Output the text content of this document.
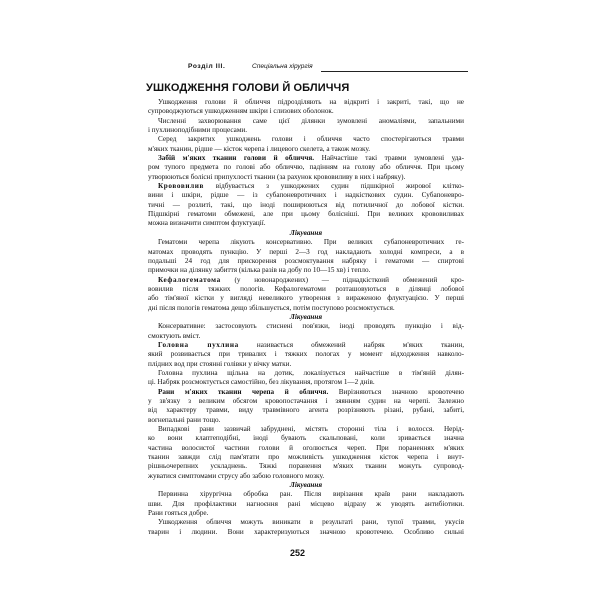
Розділ ІІІ.	Спеціальна хірургія
УШКОДЖЕННЯ ГОЛОВИ Й ОБЛИЧЧЯ
Ушкодження голови й обличчя підрозділяють на відкриті і закриті, такі, що не
супроводжуються ушкодженням шкіри і слизових оболонок.
Численні захворювання саме цієї ділянки зумовлені аномаліями, запальними
і пухлиноподібними процесами.
Серед закритих ушкоджень голови і обличчя часто спостерігаються травми
м'яких тканин, рідше — кісток черепа і лицевого скелета, а також мозку.
Забій м'яких тканин голови й обличчя. Найчастіше такі травми зумовлені уда-
ром тупого предмета по голові або обличчю, падінням на голову або обличчя. При цьому
утворюються болісні припухлості тканин (за рахунок крововиливу в них і набряку).
Крововилив відбувається з ушкоджених судин підшкірної жирової клітко-
вини і шкіри, рідше — із субапоневротичних і надкісткових судин. Субапоневро-
тичні — розлиті, такі, що іноді поширюються від потиличної до лобової кістки.
Підшкірні гематоми обмежені, але при цьому болісніші. При великих крововиливах
можна визначити симптом флуктуації.
Лікування
Гематоми черепа лікують консервативно. При великих субапоневротичних ге-
матомах проводять пункцію. У перші 2—3 год накладають холодні компреси, а в
подальші 24 год для прискорення розсмоктування набряку і гематоми — спиртові
примочки на ділянку забиття (кілька разів на добу по 10—15 хв) і тепло.
Кефалогематома (у новонароджених) — піднадкісткоий обмежений кро-
вовилив після тяжких пологів. Кефалогематоми розташовуються в ділянці лобової
або тім'яної кістки у вигляді невеликого утворення з вираженою флуктуацією. У перші
дні після пологів гематома дещо збільшується, потім поступово розсмоктується.
Лікування
Консервативне: застосовують стиснені пов'язки, іноді проводять пункцію і від-
смоктують вміст.
Головна пухлина називається обмежений набряк м'яких тканин,
який розвивається при тривалих і тяжких пологах у момент відходження навколо-
плідних вод при стоянні голівки у вічку матки.
Головна пухлина щільна на дотик, локалізується найчастіше в тім'яній ділян-
ці. Набряк розсмоктується самостійно, без лікування, протягом 1—2 днів.
Рани м'яких тканин черепа й обличчя. Вирізняються значною кровотечею
у зв'язку з великим обсягом кровопостачання і зяянням судин на черепі. Залежно
від характеру травми, виду травмівного агента розрізняють різані, рубані, забиті,
вогнепальні рани тощо.
Випадкові рани зазвичай забруднені, містять сторонні тіла і волосся. Нерід-
ко вони клаптеподібні, іноді бувають скальповані, коли зривається значна
частина волосистої частини голови й оголюється череп. При пораненнях м'яких
тканин завжди слід пам'ятати про можливість ушкодження кісток черепа і внут-
рішньочерепних ускладнень. Тяжкі поранення м'яких тканин можуть супровод-
жуватися симптомами струсу або забою головного мозку.
Лікування
Первинна хірургічна обробка ран. Після вирізання країв рани накладають
шви. Для профілактики нагноєння рані місцево відразу ж уводять антибіотики.
Рани гояться добре.
Ушкодження обличчя можуть виникати в результаті рани, тупої травми, укусів
тварин і людини. Вони характеризуються значною кровотечею. Особливо сильні
252
